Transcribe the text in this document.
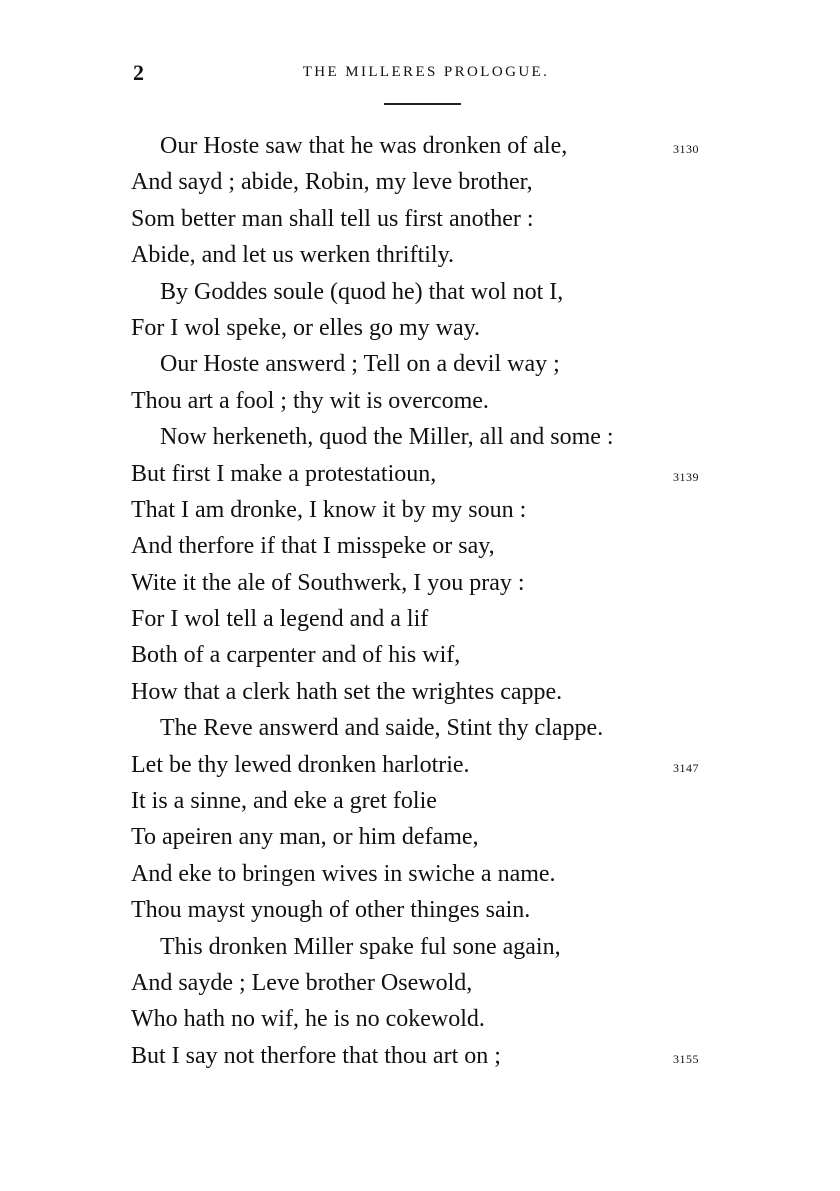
2	THE MILLERES PROLOGUE.
Our Hoste saw that he was dronken of ale,	3130
And sayd ; abide, Robin, my leve brother,
Som better man shall tell us first another :
Abide, and let us werken thriftily.
By Goddes soule (quod he) that wol not I,
For I wol speke, or elles go my way.
Our Hoste answerd ; Tell on a devil way ;
Thou art a fool ; thy wit is overcome.
Now herkeneth, quod the Miller, all and some :
But first I make a protestatioun,	3139
That I am dronke, I know it by my soun :
And therfore if that I misspeke or say,
Wite it the ale of Southwerk, I you pray :
For I wol tell a legend and a lif
Both of a carpenter and of his wif,
How that a clerk hath set the wrightes cappe.
The Reve answerd and saide, Stint thy clappe.
Let be thy lewed dronken harlotrie.	3147
It is a sinne, and eke a gret folie
To apeiren any man, or him defame,
And eke to bringen wives in swiche a name.
Thou mayst ynough of other thinges sain.
This dronken Miller spake ful sone again,
And sayde ; Leve brother Osewold,
Who hath no wif, he is no cokewold.
But I say not therfore that thou art on ;	3155
